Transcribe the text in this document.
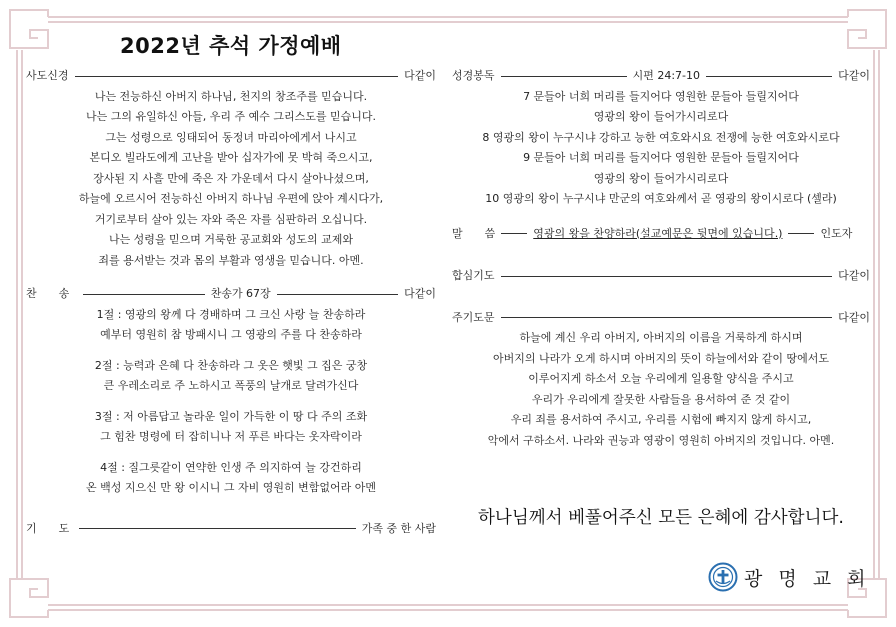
2022년 추석 가정예배
사도신경	다같이
나는 전능하신 아버지 하나님, 천지의 창조주를 믿습니다.
나는 그의 유일하신 아들, 우리 주 예수 그리스도를 믿습니다.
그는 성령으로 잉태되어 동정녀 마리아에게서 나시고
본디오 빌라도에게 고난을 받아 십자가에 못 박혀 죽으시고,
장사된 지 사흘 만에 죽은 자 가운데서 다시 살아나셨으며,
하늘에 오르시어 전능하신 아버지 하나님 우편에 앉아 계시다가,
거기로부터 살아 있는 자와 죽은 자를 심판하러 오십니다.
나는 성령을 믿으며 거룩한 공교회와 성도의 교제와
죄를 용서받는 것과 몸의 부활과 영생을 믿습니다. 아멘.
찬　　송	찬송가 67장	다같이
1절 : 영광의 왕께 다 경배하며 그 크신 사랑 늘 찬송하라
예부터 영원히 참 방패시니 그 영광의 주를 다 찬송하라
2절 : 능력과 은혜 다 찬송하라 그 옷은 햇빛 그 집은 궁창
큰 우레소리로 주 노하시고 폭풍의 날개로 달려가신다
3절 : 저 아름답고 놀라운 일이 가득한 이 땅 다 주의 조화
그 힘찬 명령에 터 잡히니나 저 푸른 바다는 옷자락이라
4절 : 질그릇같이 연약한 인생 주 의지하여 늘 강건하리
온 백성 지으신 만 왕 이시니 그 자비 영원히 변함없어라 아멘
기　　도	가족 중 한 사람
성경봉독	시편 24:7-10	다같이
7 문들아 너희 머리를 들지어다 영원한 문들아 들릴지어다
영광의 왕이 들어가시리로다
8 영광의 왕이 누구시냐 강하고 능한 여호와시요 전쟁에 능한 여호와시로다
9 문들아 너희 머리를 들지어다 영원한 문들아 들릴지어다
영광의 왕이 들어가시리로다
10 영광의 왕이 누구시냐 만군의 여호와께서 곧 영광의 왕이시로다 (셀라)
말　　씀	영광의 왕을 찬양하라(설교예문은 뒷면에 있습니다.)	인도자
합심기도	다같이
주기도문	다같이
하늘에 계신 우리 아버지, 아버지의 이름을 거룩하게 하시며
아버지의 나라가 오게 하시며 아버지의 뜻이 하늘에서와 같이 땅에서도
이루어지게 하소서 오늘 우리에게 일용할 양식을 주시고
우리가 우리에게 잘못한 사람들을 용서하여 준 것 같이
우리 죄를 용서하여 주시고, 우리를 시험에 빠지지 않게 하시고,
악에서 구하소서. 나라와 권능과 영광이 영원히 아버지의 것입니다. 아멘.
하나님께서 베풀어주신 모든 은혜에 감사합니다.
광 명 교 회
